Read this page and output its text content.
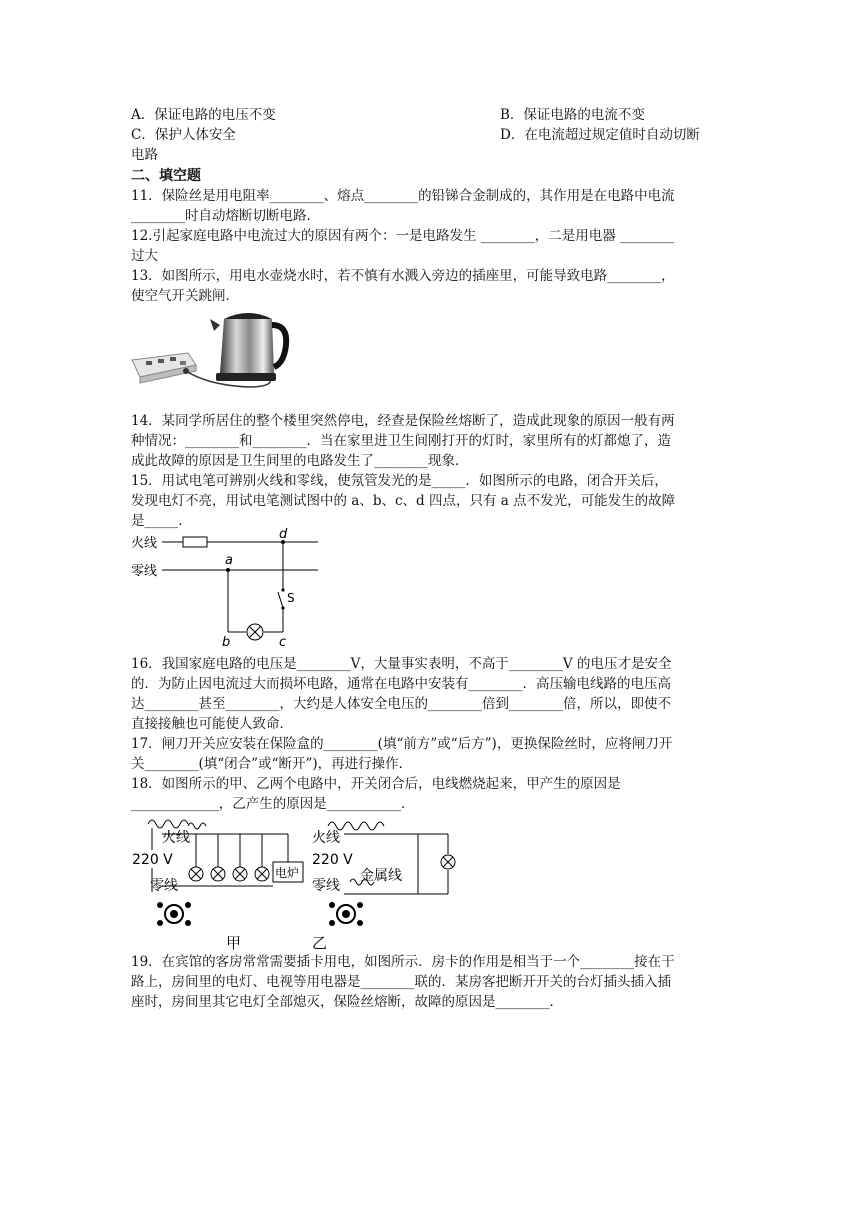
A．保证电路的电压不变	B．保证电路的电流不变
C．保护人体安全	D．在电流超过规定值时自动切断
电路
二、填空题
11．保险丝是用电阻率________、熔点________的铅锑合金制成的，其作用是在电路中电流
________时自动熔断切断电路．
12.引起家庭电路中电流过大的原因有两个：一是电路发生 ________，二是用电器 ________
过大
13．如图所示，用电水壶烧水时，若不慎有水溅入旁边的插座里，可能导致电路________，
使空气开关跳闸．
14．某同学所居住的整个楼里突然停电，经查是保险丝熔断了，造成此现象的原因一般有两
种情况：________和________．当在家里进卫生间刚打开的灯时，家里所有的灯都熄了，造
成此故障的原因是卫生间里的电路发生了________现象．
15．用试电笔可辨别火线和零线，使氖管发光的是_____．如图所示的电路，闭合开关后，
发现电灯不亮，用试电笔测试图中的 a、b、c、d 四点，只有 a 点不发光，可能发生的故障
是_____．
火线
零线
S
a
d
b	c
16．我国家庭电路的电压是________V，大量事实表明，不高于________V 的电压才是安全
的．为防止因电流过大而损坏电路，通常在电路中安装有________．高压输电线路的电压高
达________甚至________，大约是人体安全电压的________倍到________倍，所以，即使不
直接接触也可能使人致命．
17．闸刀开关应安装在保险盒的________(填“前方”或“后方”)，更换保险丝时，应将闸刀开
关________(填“闭合”或“断开”)，再进行操作．
18．如图所示的甲、乙两个电路中，开关闭合后，电线燃烧起来，甲产生的原因是
_____________，乙产生的原因是___________．
火线
220 V
零线
电炉
甲
火线
220 V
零线
金属线
乙
19．在宾馆的客房常常需要插卡用电，如图所示．房卡的作用是相当于一个________接在干
路上，房间里的电灯、电视等用电器是________联的．某房客把断开开关的台灯插头插入插
座时，房间里其它电灯全部熄灭，保险丝熔断，故障的原因是________．
